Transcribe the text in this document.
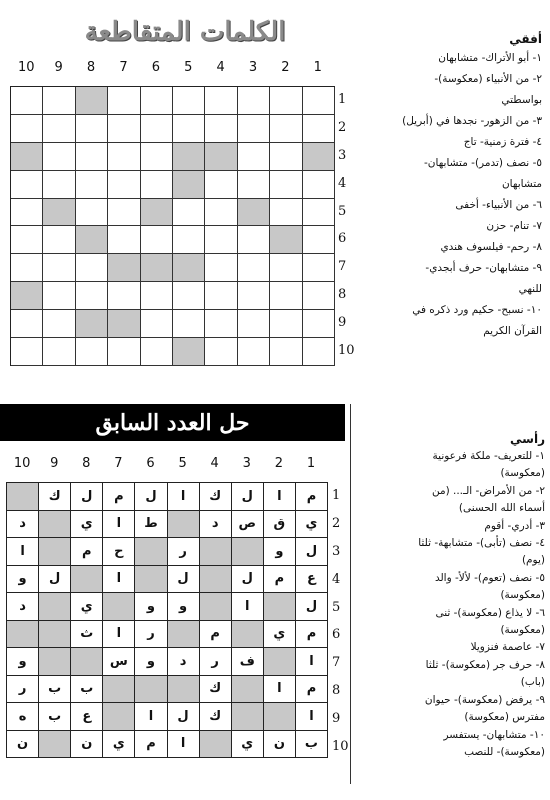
الكلمات المتقاطعة
1
2
3
4
5
6
7
8
9
10
1
2
3
4
5
6
7
8
9
10
أفقي
١- أبو الأتراك- متشابهان
٢- من الأنبياء (معكوسة)-
بواسطتي
٣- من الزهور- نجدها في (أبريل)
٤- فترة زمنية- تاج
٥- نصف (تدمر)- متشابهان-
متشابهان
٦- من الأنبياء- أخفى
٧- تنام- حزن
٨- رحم- فيلسوف هندي
٩- متشابهان- حرف أبجدي-
للنهي
١٠- نسبح- حكيم ورد ذكره في
القرآن الكريم
حل العدد السابق
1
2
3
4
5
6
7
8
9
10
1
2
3
4
5
6
7
8
9
10
م
ا
ل
ك
ا
ل
م
ل
ك
ي
ق
ص
د
ط
ا
ي
د
ل
و
ر
ح
م
ا
ع
م
ل
ل
ا
ل
و
ل
ا
و
و
ي
د
م
ي
م
ر
ا
ث
ا
ف
ر
د
و
س
و
م
ا
ك
ب
ب
ر
ا
ك
ل
ا
ع
ب
ه
ب
ن
ي
ا
م
ي
ن
ن
رأسي
١- للتعريف- ملكة فرعونية
(معكوسة)
٢- من الأمراض- الـ... (من
أسماء الله الحسنى)
٣- أدري- أقوم
٤- نصف (تأبى)- متشابهة- ثلثا
(يوم)
٥- نصف (تعوم)- لألأ- والد
(معكوسة)
٦- لا يذاع (معكوسة)- ثنى
(معكوسة)
٧- عاصمة فنزويلا
٨- حرف جر (معكوسة)- ثلثا
(باب)
٩- يرفض (معكوسة)- حيوان
مفترس (معكوسة)
١٠- متشابهان- يستفسر
(معكوسة)- للنصب
